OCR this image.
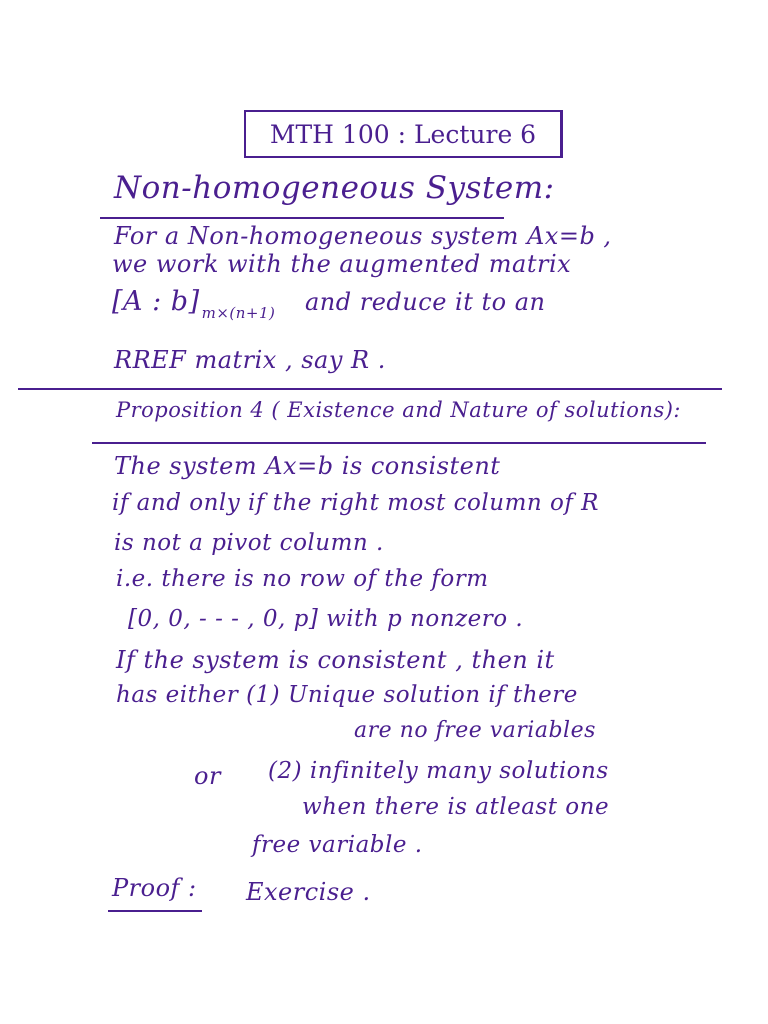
MTH 100 : Lecture 6
Non-homogeneous System:
For a Non-homogeneous system Ax=b ,
we work with the augmented matrix
[A : b] $_{m\times(n+1)}$ and reduce it to an
RREF matrix , say R .
Proposition 4 ( Existence and Nature of solutions):
The system Ax=b is consistent
if and only if the right most column of R
is not a pivot column .
i.e. there is no row of the form
[0, 0, - - - , 0, p] with p nonzero .
If the system is consistent , then it
has either (1) Unique solution if there
are no free variables
or (2) infinitely many solutions
when there is atleast one
free variable .
Proof : Exercise .
